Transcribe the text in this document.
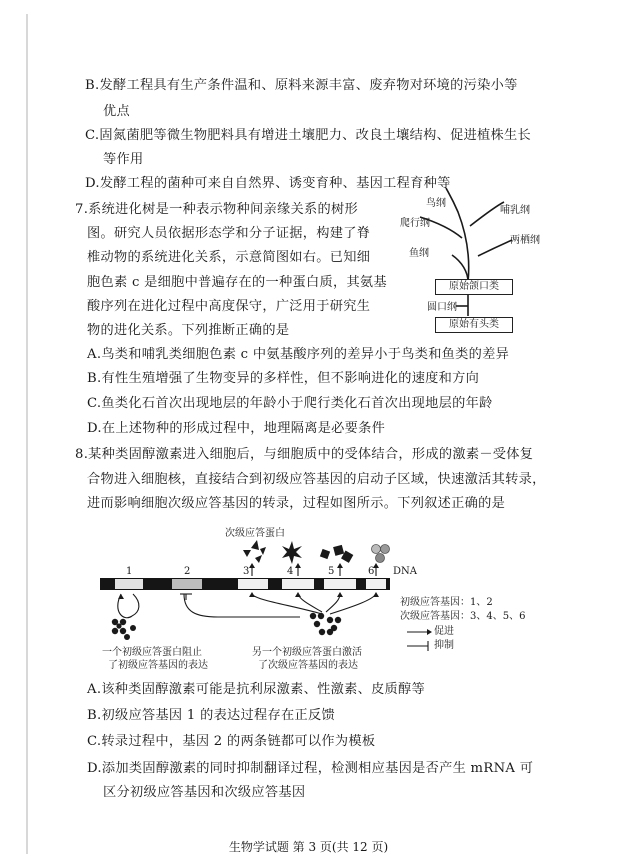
B.发酵工程具有生产条件温和、原料来源丰富、废弃物对环境的污染小等
优点
C.固氮菌肥等微生物肥料具有增进土壤肥力、改良土壤结构、促进植株生长
等作用
D.发酵工程的菌种可来自自然界、诱变育种、基因工程育种等
7.系统进化树是一种表示物种间亲缘关系的树形
图。研究人员依据形态学和分子证据，构建了脊
椎动物的系统进化关系，示意简图如右。已知细
胞色素 c 是细胞中普遍存在的一种蛋白质，其氨基
酸序列在进化过程中高度保守，广泛用于研究生
物的进化关系。下列推断正确的是
鸟纲
哺乳纲
爬行纲
两栖纲
鱼纲
原始颌口类
圆口纲
原始有头类
A.鸟类和哺乳类细胞色素 c 中氨基酸序列的差异小于鸟类和鱼类的差异
B.有性生殖增强了生物变异的多样性，但不影响进化的速度和方向
C.鱼类化石首次出现地层的年龄小于爬行类化石首次出现地层的年龄
D.在上述物种的形成过程中，地理隔离是必要条件
8.某种类固醇激素进入细胞后，与细胞质中的受体结合，形成的激素－受体复
合物进入细胞核，直接结合到初级应答基因的启动子区域，快速激活其转录，
进而影响细胞次级应答基因的转录，过程如图所示。下列叙述正确的是
次级应答蛋白
DNA
1	2	3	4	5	6
初级应答基因：1、2
次级应答基因：3、4、5、6
促进
抑制
一个初级应答蛋白阻止
了初级应答基因的表达
另一个初级应答蛋白激活
了次级应答基因的表达
A.该种类固醇激素可能是抗利尿激素、性激素、皮质醇等
B.初级应答基因 1 的表达过程存在正反馈
C.转录过程中，基因 2 的两条链都可以作为模板
D.添加类固醇激素的同时抑制翻译过程，检测相应基因是否产生 mRNA 可
区分初级应答基因和次级应答基因
生物学试题 第 3 页(共 12 页)
